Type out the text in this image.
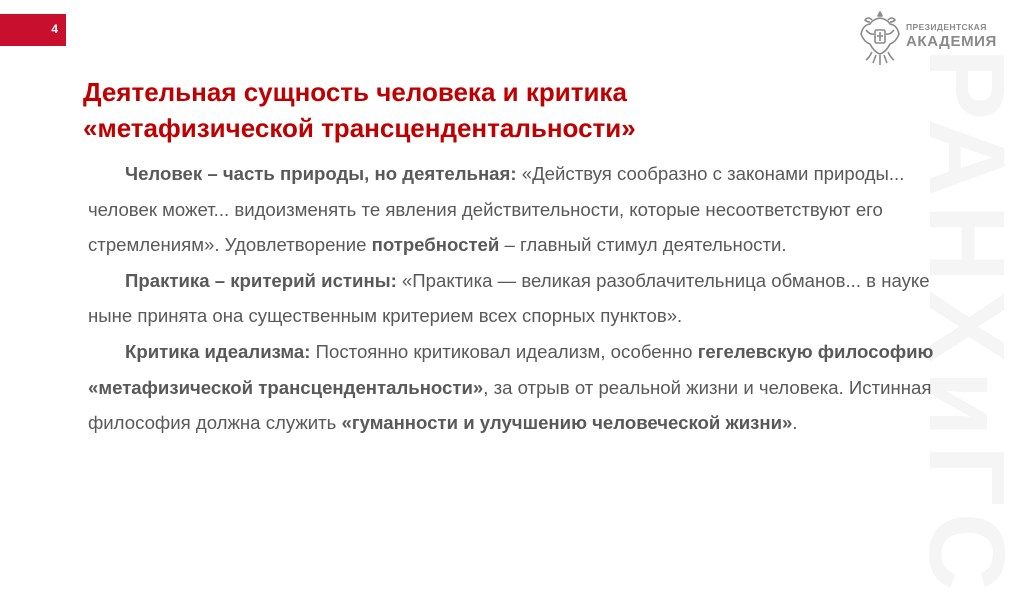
4	ПРЕЗИДЕНТСКАЯ
АКАДЕМИЯ
РАНХиГС
Деятельная сущность человека и критика
«метафизической трансцендентальности»

Человек – часть природы, но деятельная: «Действуя сообразно с законами природы... человек может... видоизменять те явления действительности, которые несоответствуют его стремлениям». Удовлетворение потребностей – главный стимул деятельности.

Практика – критерий истины: «Практика — великая разоблачительница обманов... в науке ныне принята она существенным критерием всех спорных пунктов».

Критика идеализма: Постоянно критиковал идеализм, особенно гегелевскую философию «метафизической трансцендентальности», за отрыв от реальной жизни и человека. Истинная философия должна служить «гуманности и улучшению человеческой жизни».
